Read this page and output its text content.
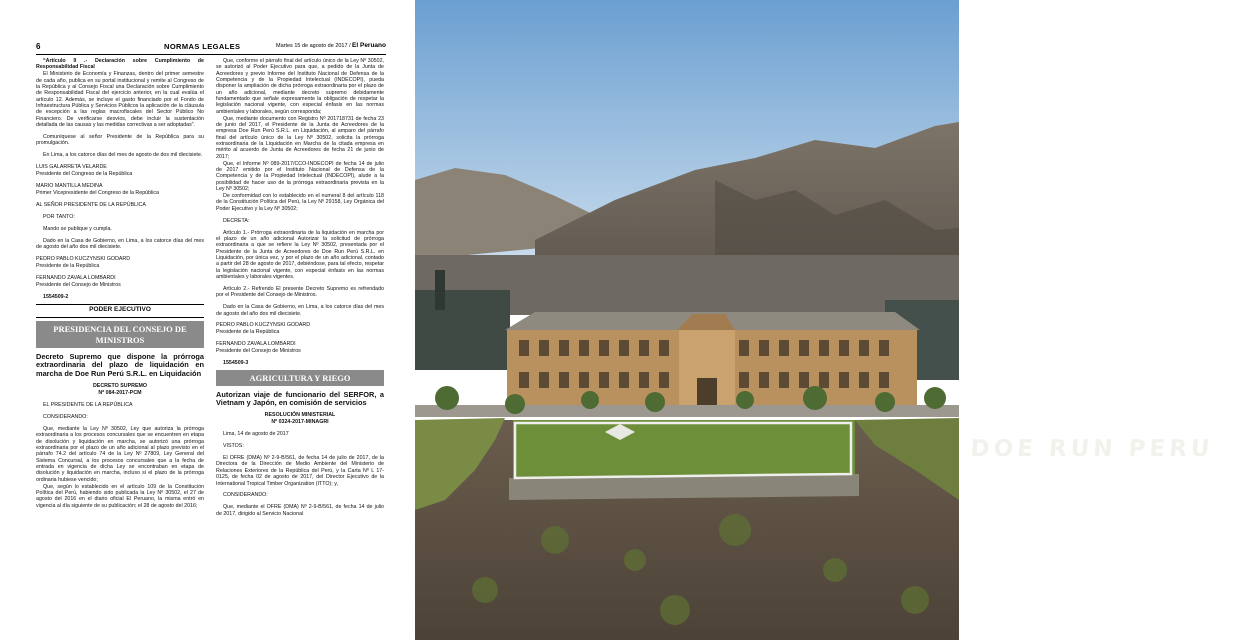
6	NORMAS LEGALES	Martes 15 de agosto de 2017 / El Peruano

“Artículo 9 .- Declaración sobre Cumplimiento de Responsabilidad Fiscal

El Ministerio de Economía y Finanzas, dentro del primer semestre de cada año, publica en su portal institucional y remite al Congreso de la República y al Consejo Fiscal una Declaración sobre Cumplimiento de Responsabilidad Fiscal del ejercicio anterior, en la cual evalúa el artículo 12. Además, se incluye el gasto financiado por el Fondo de Infraestructura Pública y Servicios Públicos la aplicación de la cláusula de excepción a las reglas macrofiscales del Sector Público No Financiero. De verificarse desvíos, debe incluir la sustentación detallada de las causas y las medidas correctivas a ser adoptadas”.

Comuníquese al señor Presidente de la República para su promulgación.

En Lima, a los catorce días del mes de agosto de dos mil diecisiete.

LUIS GALARRETA VELARDE

Presidente del Congreso de la República

MARIO MANTILLA MEDINA

Primer Vicepresidente del Congreso de la República

AL SEÑOR PRESIDENTE DE LA REPÚBLICA

POR TANTO:

Mando se publique y cumpla.

Dado en la Casa de Gobierno, en Lima, a los catorce días del mes de agosto del año dos mil diecisiete.

PEDRO PABLO KUCZYNSKI GODARD

Presidente de la República

FERNANDO ZAVALA LOMBARDI

Presidente del Consejo de Ministros

1554509-2

PODER EJECUTIVO
PRESIDENCIA DEL CONSEJO DE MINISTROS
Decreto Supremo que dispone la prórroga extraordinaria del plazo de liquidación en marcha de Doe Run Perú S.R.L. en Liquidación

DECRETO SUPREMO

Nº 084-2017-PCM

EL PRESIDENTE DE LA REPÚBLICA

CONSIDERANDO:

Que, mediante la Ley Nº 30502, Ley que autoriza la prórroga extraordinaria a los procesos concursales que se encuentren en etapa de disolución y liquidación en marcha, se autorizó una prórroga extraordinaria por el plazo de un año adicional al plazo previsto en el párrafo 74.2 del artículo 74 de la Ley Nº 27809, Ley General del Sistema Concursal, a los procesos concursales que a la fecha de entrada en vigencia de dicha Ley se encontraban en etapa de disolución y liquidación en marcha, incluso si el plazo de la prórroga ordinaria hubiese vencido;

Que, según lo establecido en el artículo 109 de la Constitución Política del Perú, habiendo sido publicada la Ley Nº 30502, el 27 de agosto del 2016 en el diario oficial El Peruano, la misma entró en vigencia al día siguiente de su publicación; el 28 de agosto del 2016;

Que, conforme el párrafo final del artículo único de la Ley Nº 30502, se autorizó al Poder Ejecutivo para que, a pedido de la Junta de Acreedores y previo Informe del Instituto Nacional de Defensa de la Competencia y de la Propiedad Intelectual (INDECOPI), pueda disponer la ampliación de dicha prórroga extraordinaria por el plazo de un año adicional, mediante decreto supremo debidamente fundamentado que señale expresamente la obligación de respetar la legislación nacional vigente, con especial énfasis en las normas ambientales y laborales, según corresponda;

Que, mediante documento con Registro Nº 201718731 de fecha 23 de junio del 2017, el Presidente de la Junta de Acreedores de la empresa Doe Run Perú S.R.L. en Liquidación, al amparo del párrafo final del artículo único de la Ley Nº 30502, solicita la prórroga extraordinaria de la Liquidación en Marcha de la citada empresa en mérito al acuerdo de Junta de Acreedores de fecha 21 de junio de 2017;

Que, el Informe Nº 089-2017/CCO-INDECOPI de fecha 14 de julio de 2017 emitido por el Instituto Nacional de Defensa de la Competencia y de la Propiedad Intelectual (INDECOPI), alude a la posibilidad de hacer uso de la prórroga extraordinaria prevista en la Ley Nº 30502;

De conformidad con lo establecido en el numeral 8 del artículo 118 de la Constitución Política del Perú, la Ley Nº 29158, Ley Orgánica del Poder Ejecutivo y la Ley Nº 30502;

DECRETA:

Artículo 1.- Prórroga extraordinaria de la liquidación en marcha por el plazo de un año adicional Autorizar la solicitud de prórroga extraordinaria a que se refiere la Ley Nº 30502, presentada por el Presidente de la Junta de Acreedores de Doe Run Perú S.R.L. en Liquidación, por única vez, y por el plazo de un año adicional, contado a partir del 28 de agosto de 2017, debiéndose, para tal efecto, respetar la legislación nacional vigente, con especial énfasis en las normas ambientales y laborales vigentes.

Artículo 2.- Refrendo El presente Decreto Supremo es refrendado por el Presidente del Consejo de Ministros.

Dado en la Casa de Gobierno, en Lima, a los catorce días del mes de agosto del año dos mil diecisiete.

PEDRO PABLO KUCZYNSKI GODARD

Presidente de la República

FERNANDO ZAVALA LOMBARDI

Presidente del Consejo de Ministros

1554509-3

AGRICULTURA Y RIEGO
Autorizan viaje de funcionario del SERFOR, a Vietnam y Japón, en comisión de servicios

RESOLUCIÓN MINISTERIAL

Nº 0324-2017-MINAGRI

Lima, 14 de agosto de 2017

VISTOS:

El OFRE (DMA) Nº 2-9-B/561, de fecha 14 de julio de 2017, de la Directora de la Dirección de Medio Ambiente del Ministerio de Relaciones Exteriores de la República del Perú, y la Carta Nº L 17-0125, de fecha 02 de agosto de 2017, del Director Ejecutivo de la International Tropical Timber Organization (ITTO); y,

CONSIDERANDO:

Que, mediante el OFRE (DMA) Nº 2-9-B/561, de fecha 14 de julio de 2017, dirigido al Servicio Nacional

DOE RUN PERU
